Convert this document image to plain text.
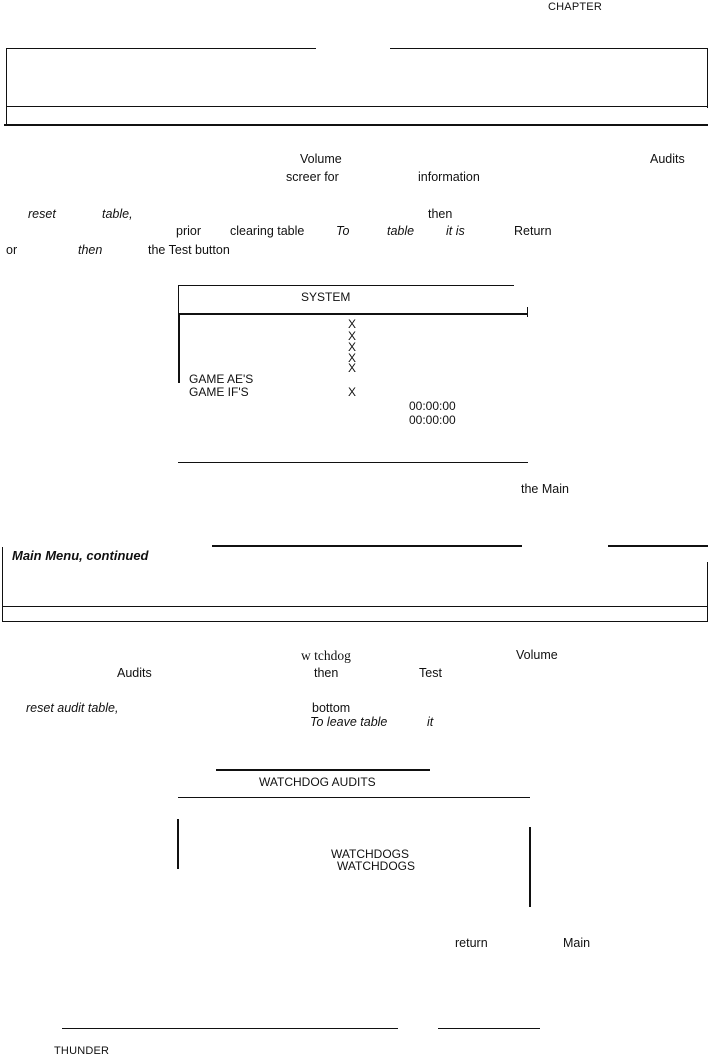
CHAPTER
Volume	Audits
screer for	information
reset	table,	then
prior clearing table	To	table	it is	Return
or	then	the Test button
SYSTEM
X
X
X
X
X
GAME AE'S
GAME IF'S	X
00:00:00
00:00:00
the Main
Main Menu, continued
w tchdog	Volume
Audits	then	Test
reset audit table,	bottom
To leave table	it
WATCHDOG AUDITS
WATCHDOGS
WATCHDOGS
return	Main
THUNDER
